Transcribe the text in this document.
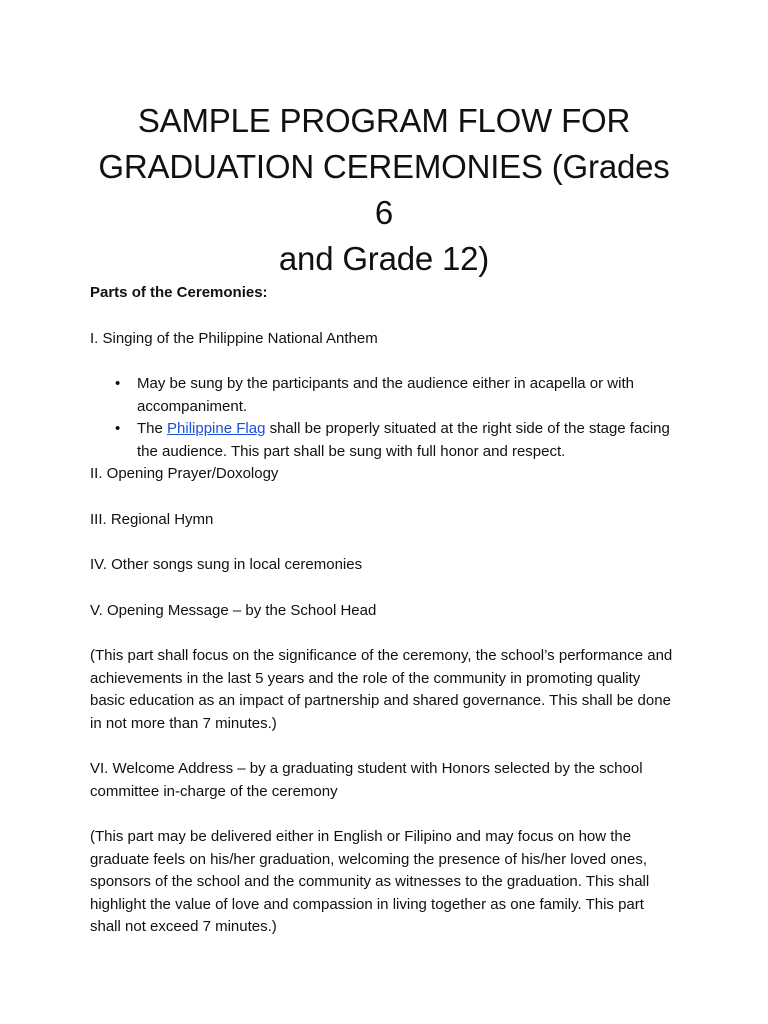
SAMPLE PROGRAM FLOW FOR
GRADUATION CEREMONIES (Grades 6
and Grade 12)

Parts of the Ceremonies:

I. Singing of the Philippine National Anthem

• May be sung by the participants and the audience either in acapella or with accompaniment.
• The Philippine Flag shall be properly situated at the right side of the stage facing the audience. This part shall be sung with full honor and respect.

II. Opening Prayer/Doxology

III. Regional Hymn

IV. Other songs sung in local ceremonies

V. Opening Message – by the School Head

(This part shall focus on the significance of the ceremony, the school’s performance and achievements in the last 5 years and the role of the community in promoting quality basic education as an impact of partnership and shared governance. This shall be done in not more than 7 minutes.)

VI. Welcome Address – by a graduating student with Honors selected by the school committee in-charge of the ceremony

(This part may be delivered either in English or Filipino and may focus on how the graduate feels on his/her graduation, welcoming the presence of his/her loved ones, sponsors of the school and the community as witnesses to the graduation. This shall highlight the value of love and compassion in living together as one family. This part shall not exceed 7 minutes.)
